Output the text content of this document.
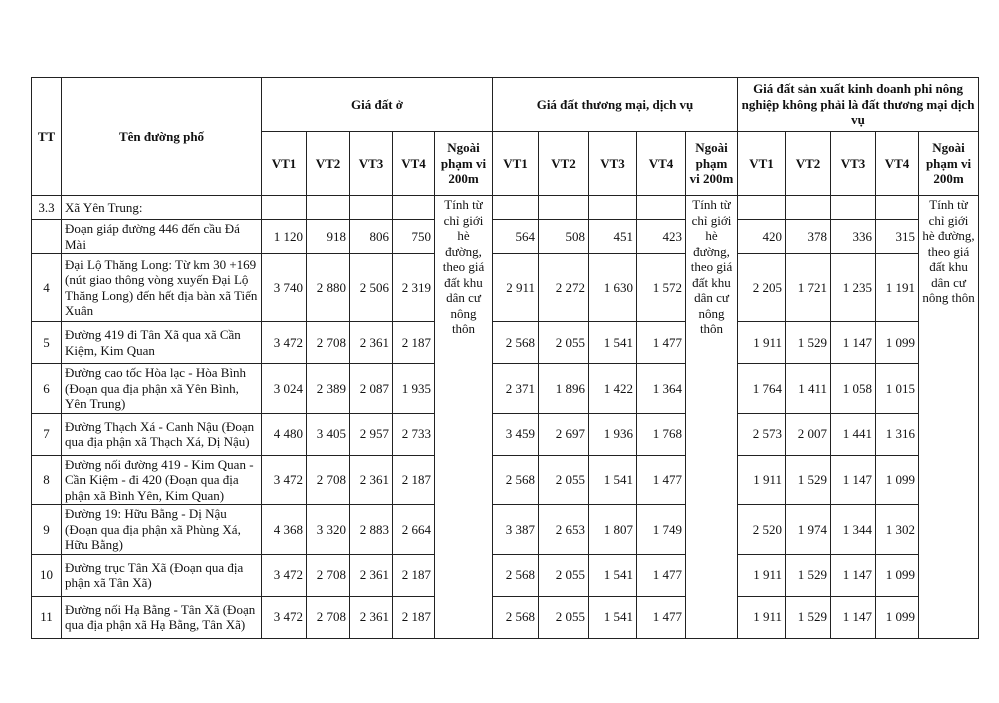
TT	Tên đường phố	Giá đất ở					Giá đất thương mại, dịch vụ					Giá đất sản xuất kinh doanh phi nông nghiệp không phải là đất thương mại dịch vụ				
		VT1	VT2	VT3	VT4	Ngoài phạm vi 200m	VT1	VT2	VT3	VT4	Ngoài phạm vi 200m	VT1	VT2	VT3	VT4	Ngoài phạm vi 200m
3.3	Xã Yên Trung:					Tính từ chỉ giới hè đường, theo giá đất khu dân cư nông thôn					Tính từ chỉ giới hè đường, theo giá đất khu dân cư nông thôn					Tính từ chỉ giới hè đường, theo giá đất khu dân cư nông thôn
	Đoạn giáp đường 446 đến cầu Đá Mài	1 120	918	806	750		564	508	451	423		420	378	336	315	
4	Đại Lộ Thăng Long: Từ km 30 +169 (nút giao thông vòng xuyến Đại Lộ Thăng Long) đến hết địa bàn xã Tiến Xuân	3 740	2 880	2 506	2 319		2 911	2 272	1 630	1 572		2 205	1 721	1 235	1 191	
5	Đường 419 đi Tân Xã qua xã Cần Kiệm, Kim Quan	3 472	2 708	2 361	2 187		2 568	2 055	1 541	1 477		1 911	1 529	1 147	1 099	
6	Đường cao tốc Hòa lạc - Hòa Bình (Đoạn qua địa phận xã Yên Bình, Yên Trung)	3 024	2 389	2 087	1 935		2 371	1 896	1 422	1 364		1 764	1 411	1 058	1 015	
7	Đường Thạch Xá - Canh Nậu (Đoạn qua địa phận xã Thạch Xá, Dị Nậu)	4 480	3 405	2 957	2 733		3 459	2 697	1 936	1 768		2 573	2 007	1 441	1 316	
8	Đường nối đường 419 - Kim Quan - Cần Kiệm - đi 420 (Đoạn qua địa phận xã Bình Yên, Kim Quan)	3 472	2 708	2 361	2 187		2 568	2 055	1 541	1 477		1 911	1 529	1 147	1 099	
9	Đường 19: Hữu Bằng - Dị Nậu (Đoạn qua địa phận xã Phùng Xá, Hữu Bằng)	4 368	3 320	2 883	2 664		3 387	2 653	1 807	1 749		2 520	1 974	1 344	1 302	
10	Đường trục Tân Xã (Đoạn qua địa phận xã Tân Xã)	3 472	2 708	2 361	2 187		2 568	2 055	1 541	1 477		1 911	1 529	1 147	1 099	
11	Đường nối Hạ Bằng - Tân Xã (Đoạn qua địa phận xã Hạ Bằng, Tân Xã)	3 472	2 708	2 361	2 187		2 568	2 055	1 541	1 477		1 911	1 529	1 147	1 099	
